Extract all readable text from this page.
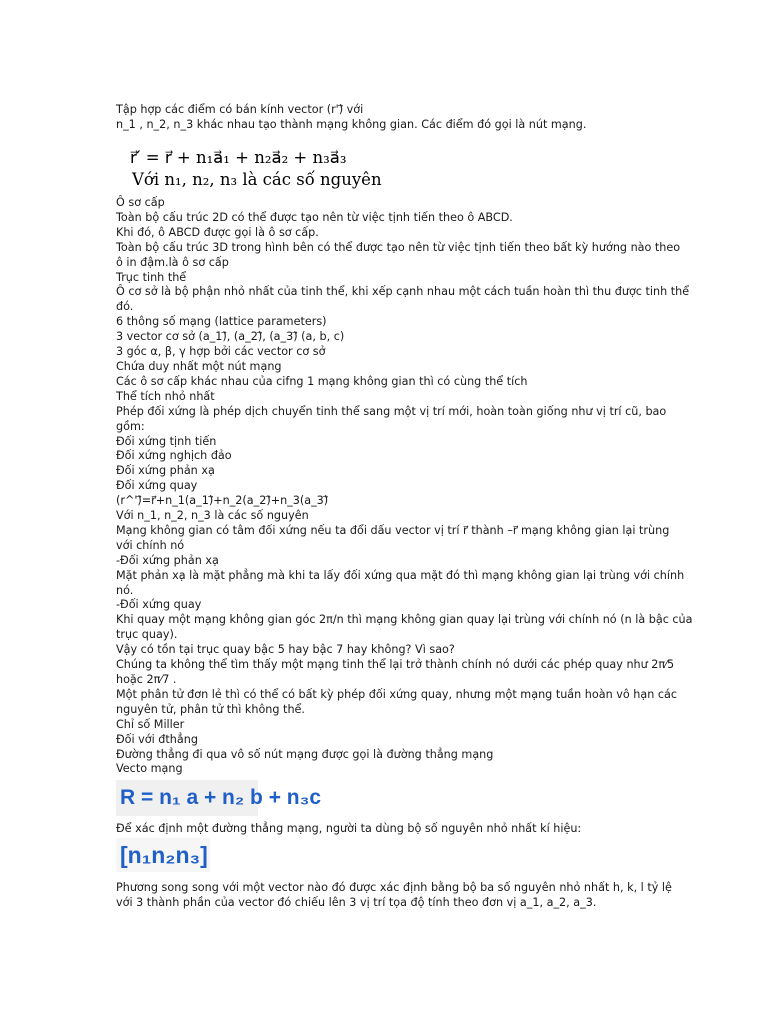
Tập hợp các điểm có bán kính vector (r')⃗ với
n_1 , n_2, n_3 khác nhau tạo thành mạng không gian. Các điểm đó gọi là nút mạng.
r⃗′ = r⃗ + n₁a⃗₁ + n₂a⃗₂ + n₃a⃗₃
Với n₁, n₂, n₃ là các số nguyên
Ô sơ cấp
Toàn bộ cấu trúc 2D có thể được tạo nên từ việc tịnh tiến theo ô ABCD.
Khi đó, ô ABCD được gọi là ô sơ cấp.
Toàn bộ cấu trúc 3D trong hình bên có thể được tạo nên từ việc tịnh tiến theo bất kỳ hướng nào theo
ô in đậm.là ô sơ cấp
Trục tinh thể
Ô cơ sở là bộ phận nhỏ nhất của tinh thể, khi xếp cạnh nhau một cách tuần hoàn thì thu được tinh thể
đó.
6 thông số mạng (lattice parameters)
3 vector cơ sở (a_1)⃗, (a_2)⃗, (a_3)⃗ (a, b, c)
3 góc α, β, γ hợp bởi các vector cơ sở
Chứa duy nhất một nút mạng
Các ô sơ cấp khác nhau của cifng 1 mạng không gian thì có cùng thể tích
Thể tích nhỏ nhất
Phép đối xứng là phép dịch chuyển tinh thể sang một vị trí mới, hoàn toàn giống như vị trí cũ, bao
gồm:
Đối xứng tịnh tiến
Đối xứng nghịch đảo
Đối xứng phản xạ
Đối xứng quay
(r^')⃗=r⃗+n_1(a_1)⃗+n_2(a_2)⃗+n_3(a_3)⃗
Với n_1, n_2, n_3 là các số nguyên
Mạng không gian có tâm đối xứng nếu ta đổi dấu vector vị trí r⃗ thành –r⃗ mạng không gian lại trùng
với chính nó
-Đối xứng phản xạ
Mặt phản xạ là mặt phẳng mà khi ta lấy đối xứng qua mặt đó thì mạng không gian lại trùng với chính
nó.
-Đối xứng quay
Khi quay một mạng không gian góc 2π/n thì mạng không gian quay lại trùng với chính nó (n là bậc của
trục quay).
Vậy có tồn tại trục quay bậc 5 hay bậc 7 hay không? Vì sao?
Chúng ta không thể tìm thấy một mạng tinh thể lại trở thành chính nó dưới các phép quay như 2π⁄5
hoặc 2π⁄7 .
Một phân tử đơn lẻ thì có thể có bất kỳ phép đối xứng quay, nhưng một mạng tuần hoàn vô hạn các
nguyên tử, phân tử thì không thể.
Chỉ số Miller
Đối với đthẳng
Đường thẳng đi qua vô số nút mạng được gọi là đường thẳng mạng
Vecto mạng
R = n₁ a + n₂ b + n₃c
Để xác định một đường thẳng mạng, người ta dùng bộ số nguyên nhỏ nhất kí hiệu:
[n₁n₂n₃]
Phương song song với một vector nào đó được xác định bằng bộ ba số nguyên nhỏ nhất h, k, l tỷ lệ
với 3 thành phần của vector đó chiếu lên 3 vị trí tọa độ tính theo đơn vị a_1, a_2, a_3.
